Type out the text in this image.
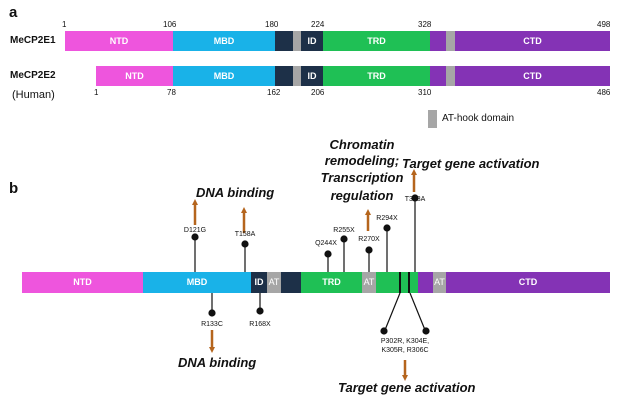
a
MeCP2E1
1	106	180	224	328	498
NTD	MBD	ID	TRD	CTD
MeCP2E2
(Human)
NTD	MBD	ID	TRD	CTD
1	78	162	206	310	486
AT-hook domain
b
NTD	MBD	ID AT	TRD	AT	AT	CTD
D121G
T158A
Q244X
R255X
R270X
R294X
T308A
R133C	R168X
P302R, K304E,
K305R, R306C
DNA binding
DNA binding
Chromatin
remodeling;
Transcription
regulation
Target gene activation
Target gene activation
